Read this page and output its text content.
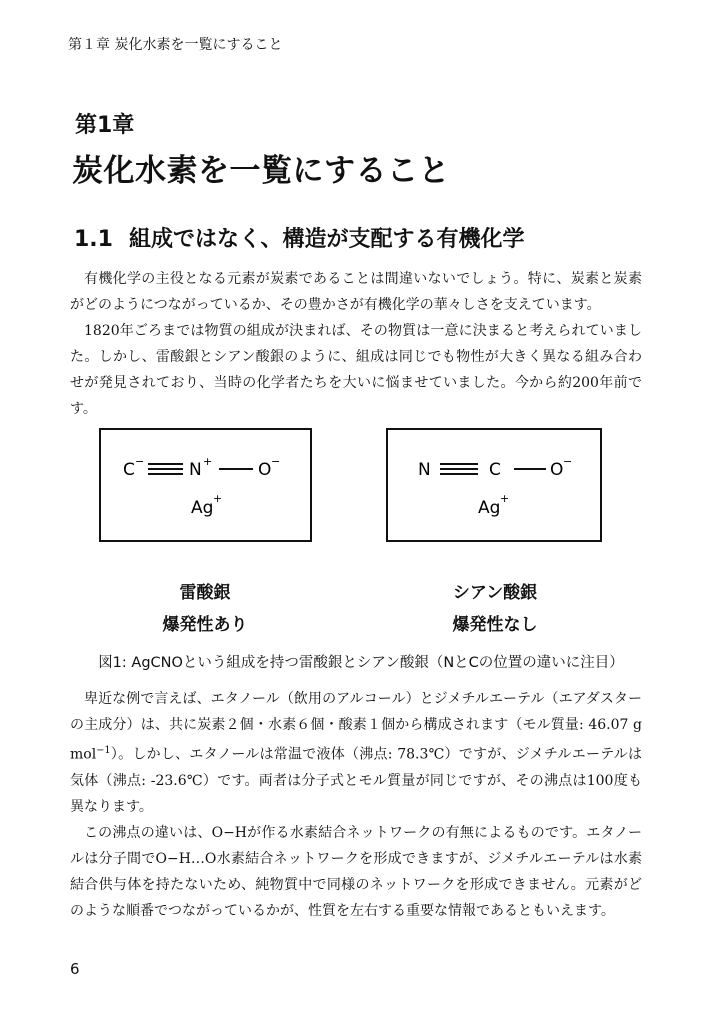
第１章 炭化水素を一覧にすること
第1章
炭化水素を一覧にすること
1.1 組成ではなく、構造が支配する有機化学

有機化学の主役となる元素が炭素であることは間違いないでしょう。特に、炭素と炭素がどのようにつながっているか、その豊かさが有機化学の華々しさを支えています。

1820年ごろまでは物質の組成が決まれば、その物質は一意に決まると考えられていました。しかし、雷酸銀とシアン酸銀のように、組成は同じでも物性が大きく異なる組み合わせが発見されており、当時の化学者たちを大いに悩ませていました。今から約200年前です。

C −	N +	O −
Ag +
N	C	O −
Ag +
雷酸銀
爆発性あり
シアン酸銀
爆発性なし
図1: AgCNOという組成を持つ雷酸銀とシアン酸銀（NとCの位置の違いに注目）

卑近な例で言えば、エタノール（飲用のアルコール）とジメチルエーテル（エアダスターの主成分）は、共に炭素２個・水素６個・酸素１個から構成されます（モル質量: 46.07 g mol$^{-1}$）。しかし、エタノールは常温で液体（沸点: 78.3℃）ですが、ジメチルエーテルは気体（沸点: -23.6℃）です。両者は分子式とモル質量が同じですが、その沸点は100度も異なります。

この沸点の違いは、O−Hが作る水素結合ネットワークの有無によるものです。エタノールは分子間でO−H…O水素結合ネットワークを形成できますが、ジメチルエーテルは水素結合供与体を持たないため、純物質中で同様のネットワークを形成できません。元素がどのような順番でつながっているかが、性質を左右する重要な情報であるともいえます。

6
